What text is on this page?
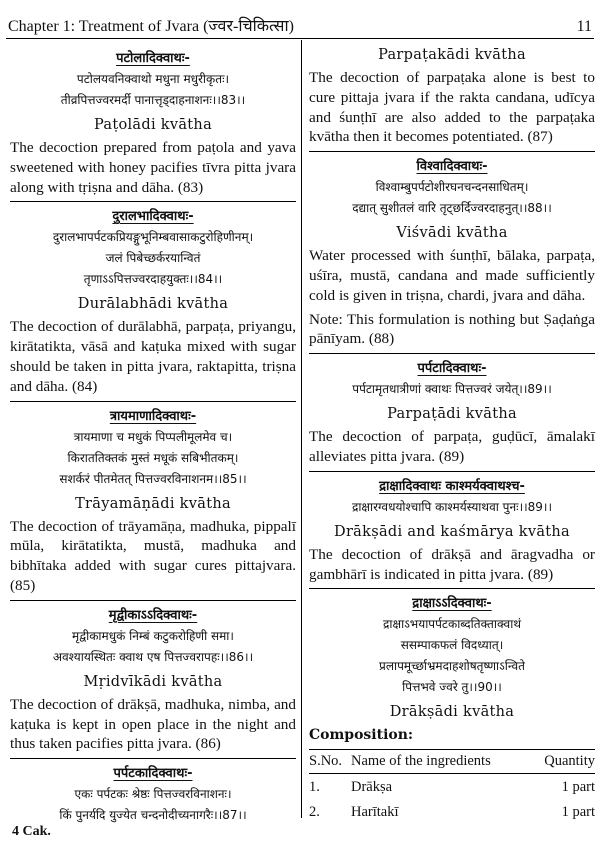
Chapter 1: Treatment of Jvara (ज्वर-चिकित्सा)	11

पटोलादिक्वाथः-

पटोलयवनिक्वाथो मधुना मधुरीकृतः।

तीव्रपित्तज्वरमर्दी पानात्तृड्दाहनाशनः।।83।।

Paṭolādi kvātha

The decoction prepared from paṭola and yava sweetened with honey pacifies tīvra pitta jvara along with tṛiṣna and dāha. (83)

दुरालभादिक्वाथः-

दुरालभापर्पटकप्रियङ्गुभूनिम्बवासाकटुरोहिणीनम्।

जलं पिबेच्छर्करयान्वितं

तृणाऽऽपित्तज्वरदाहयुक्तः।।84।।

Durālabhādi kvātha

The decoction of durālabhā, parpaṭa, priyangu, kirātatikta, vāsā and kaṭuka mixed with sugar should be taken in pitta jvara, raktapitta, triṣna and dāha. (84)

त्रायमाणादिक्वाथः-

त्रायमाणा च मधुकं पिप्पलीमूलमेव च।

किराततिक्तकं मुस्तं मधूकं सबिभीतकम्।

सशर्करं पीतमेतत् पित्तज्वरविनाशनम।।85।।

Trāyamāṇādi kvātha

The decoction of trāyamāṇa, madhuka, pippalī mūla, kirātatikta, mustā, madhuka and bibhītaka added with sugar cures pittajvara. (85)

मृद्वीकाऽऽदिक्वाथः-

मृद्वीकामधुकं निम्बं कटुकरोहिणी समा।

अवश्यायस्थितः क्वाथ एष पित्तज्वरापहः।।86।।

Mṛidvīkādi kvātha

The decoction of drākṣā, madhuka, nimba, and kaṭuka is kept in open place in the night and thus taken pacifies pitta jvara. (86)

पर्पटकादिक्वाथः-

एकः पर्पटकः श्रेष्ठः पित्तज्वरविनाशनः।

किं पुनर्यदि युज्येत चन्दनोदीच्यनागरैः।।87।।

Parpaṭakādi kvātha

The decoction of parpaṭaka alone is best to cure pittaja jvara if the rakta candana, udīcya and śunṭhī are also added to the parpaṭaka kvātha then it becomes potentiated. (87)

विश्वादिक्वाथः-

विश्वाम्बुपर्पटोशीरघनचन्दनसाधितम्।

दद्यात् सुशीतलं वारि तृट्छर्दिज्वरदाहनुत्।।88।।

Viśvādi kvātha

Water processed with śunṭhī, bālaka, parpaṭa, uśīra, mustā, candana and made sufficiently cold is given in triṣna, chardi, jvara and dāha.

Note: This formulation is nothing but Ṣaḍaṅga pānīyam. (88)

पर्पटादिक्वाथः-

पर्पटामृतधात्रीणां क्वाथः पित्तज्वरं जयेत्।।89।।

Parpaṭādi kvātha

The decoction of parpaṭa, guḍūcī, āmalakī alleviates pitta jvara. (89)

द्राक्षादिक्वाथः काश्मर्यक्वाथश्च-

द्राक्षारग्वधयोश्चापि काश्मर्यस्याथवा पुनः।।89।।

Drākṣādi and kaśmārya kvātha

The decoction of drākṣā and āragvadha or gambhārī is indicated in pitta jvara. (89)

द्राक्षाऽऽदिक्वाथः-

द्राक्षाऽभयापर्पटकाब्दतिक्ताक्वाथं

ससम्पाकफलं विदध्यात्।

प्रलापमूर्च्छाभ्रमदाहशोषतृष्णाऽन्विते

पित्तभवे ज्वरे तु।।90।।

Drākṣādi kvātha
Composition:
S.No.	Name of the ingredients	Quantity
1.	Drākṣa	1 part
2.	Harītakī	1 part
4 Cak.
